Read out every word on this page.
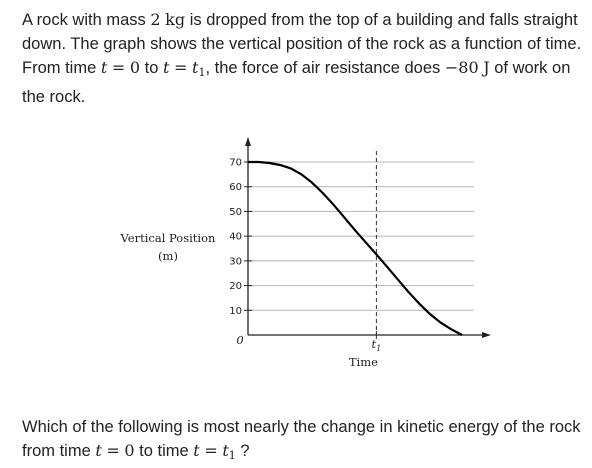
A rock with mass 2 kg is dropped from the top of a building and falls straight down. The graph shows the vertical position of the rock as a function of time. From time t = 0 to $t = t_1$, the force of air resistance does −80 J of work on the rock.
10
20
30
40
50
60
70
Vertical Position
(m)
0	$t_1$
Time
Which of the following is most nearly the change in kinetic energy of the rock from time t = 0 to time $t = t_1$ ?
